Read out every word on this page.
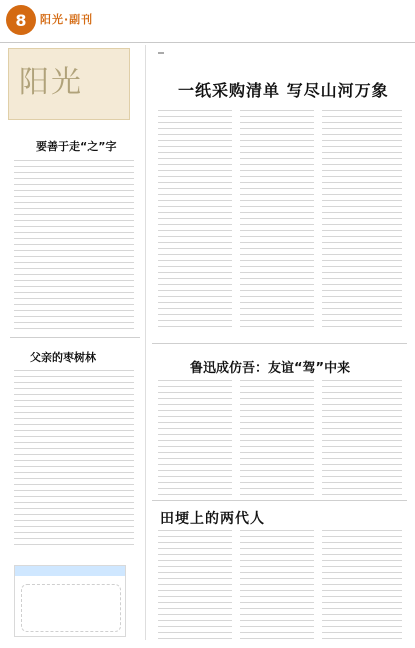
8 阳光·副刊
阳光
要善于走“之”字
父亲的枣树林
一纸采购清单 写尽山河万象
鲁迅成仿吾：友谊“驾”中来
田埂上的两代人
